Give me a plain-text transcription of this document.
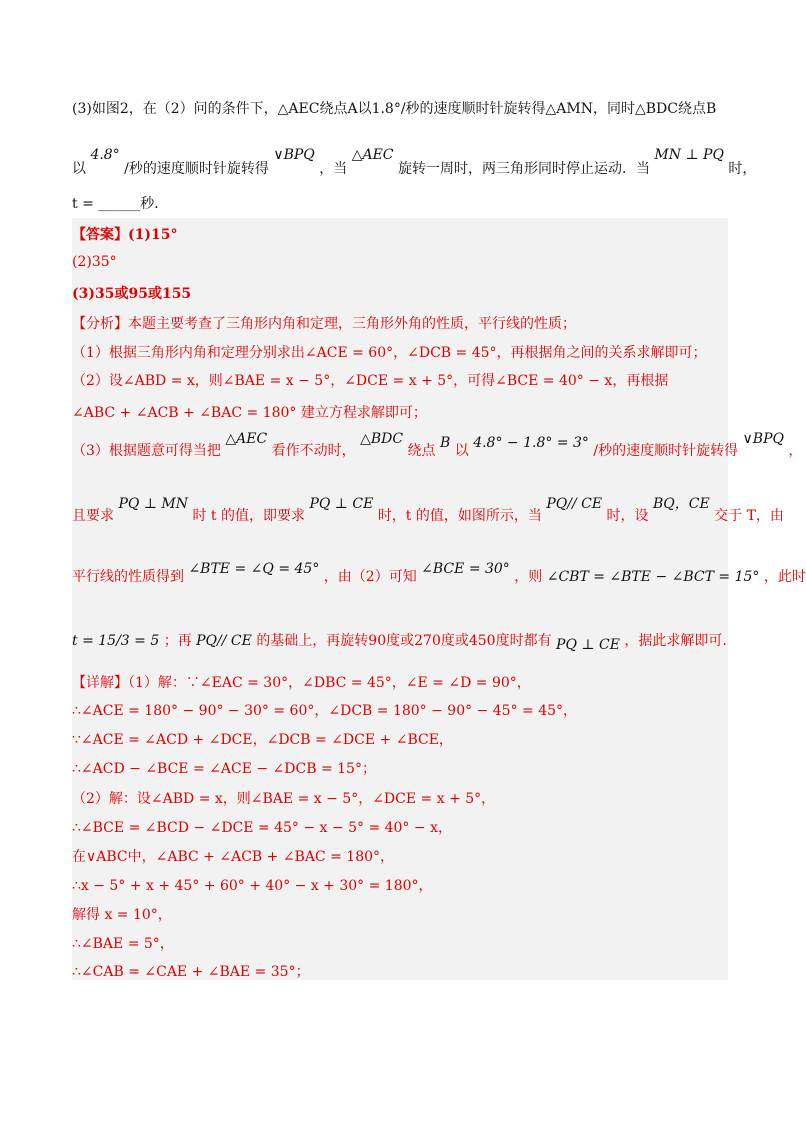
(3)如图2，在（2）问的条件下，△AEC绕点A以1.8°/秒的速度顺时针旋转得△AMN，同时△BDC绕点B
以 4.8° /秒的速度顺时针旋转得 ∨BPQ ，当 △AEC 旋转一周时，两三角形同时停止运动．当 MN ⊥ PQ 时，
t = ______秒．
【答案】(1)15°
(2)35°
(3)35或95或155
【分析】本题主要考查了三角形内角和定理，三角形外角的性质，平行线的性质；
（1）根据三角形内角和定理分别求出∠ACE = 60°，∠DCB = 45°，再根据角之间的关系求解即可；
（2）设∠ABD = x，则∠BAE = x − 5°，∠DCE = x + 5°，可得∠BCE = 40° − x，再根据
∠ABC + ∠ACB + ∠BAC = 180° 建立方程求解即可；
（3）根据题意可得当把 △AEC 看作不动时， △BDC 绕点 B 以 4.8° − 1.8° = 3° /秒的速度顺时针旋转得 ∨BPQ ，
且要求 PQ ⊥ MN 时 t 的值，即要求 PQ ⊥ CE 时，t 的值，如图所示，当 PQ// CE 时，设 BQ，CE 交于 T，由
平行线的性质得到 ∠BTE = ∠Q = 45° ，由（2）可知 ∠BCE = 30° ，则 ∠CBT = ∠BTE − ∠BCT = 15° ，此时
t = 15/3 = 5 ；再 PQ// CE 的基础上，再旋转90度或270度或450度时都有 PQ ⊥ CE ，据此求解即可.
【详解】（1）解：∵∠EAC = 30°，∠DBC = 45°，∠E = ∠D = 90°，
∴∠ACE = 180° − 90° − 30° = 60°，∠DCB = 180° − 90° − 45° = 45°，
∵∠ACE = ∠ACD + ∠DCE，∠DCB = ∠DCE + ∠BCE，
∴∠ACD − ∠BCE = ∠ACE − ∠DCB = 15°；
（2）解：设∠ABD = x，则∠BAE = x − 5°，∠DCE = x + 5°，
∴∠BCE = ∠BCD − ∠DCE = 45° − x − 5° = 40° − x，
在∨ABC中，∠ABC + ∠ACB + ∠BAC = 180°，
∴x − 5° + x + 45° + 60° + 40° − x + 30° = 180°，
解得 x = 10°，
∴∠BAE = 5°，
∴∠CAB = ∠CAE + ∠BAE = 35°；
